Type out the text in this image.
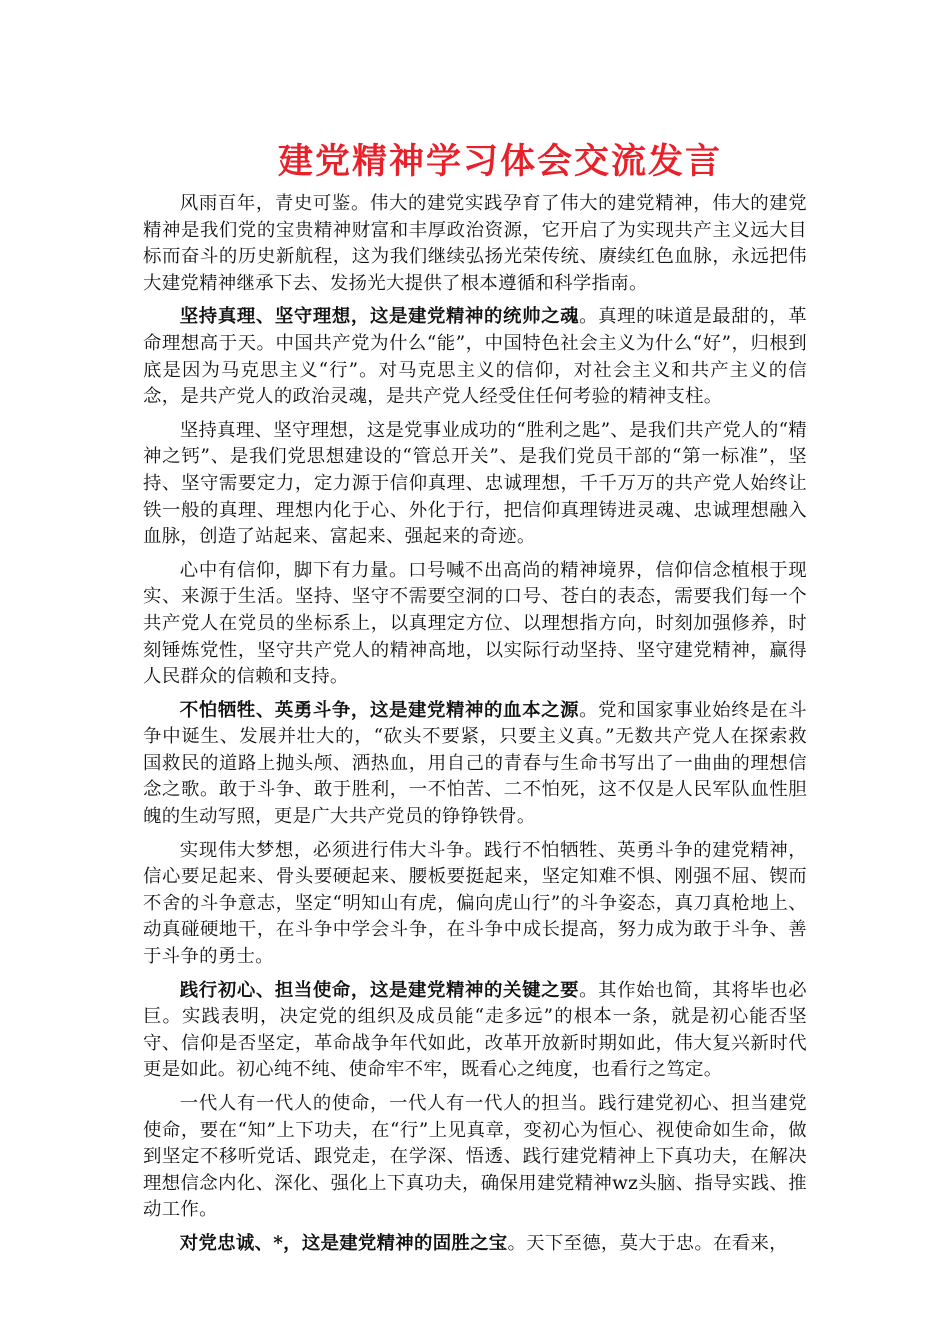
建党精神学习体会交流发言

风雨百年，青史可鉴。伟大的建党实践孕育了伟大的建党精神，伟大的建党精神是我们党的宝贵精神财富和丰厚政治资源，它开启了为实现共产主义远大目标而奋斗的历史新航程，这为我们继续弘扬光荣传统、赓续红色血脉，永远把伟大建党精神继承下去、发扬光大提供了根本遵循和科学指南。

坚持真理、坚守理想，这是建党精神的统帅之魂。真理的味道是最甜的，革命理想高于天。中国共产党为什么“能”，中国特色社会主义为什么“好”，归根到底是因为马克思主义“行”。对马克思主义的信仰，对社会主义和共产主义的信念，是共产党人的政治灵魂，是共产党人经受住任何考验的精神支柱。

坚持真理、坚守理想，这是党事业成功的“胜利之匙”、是我们共产党人的“精神之钙”、是我们党思想建设的“管总开关”、是我们党员干部的“第一标准”，坚持、坚守需要定力，定力源于信仰真理、忠诚理想，千千万万的共产党人始终让铁一般的真理、理想内化于心、外化于行，把信仰真理铸进灵魂、忠诚理想融入血脉，创造了站起来、富起来、强起来的奇迹。

心中有信仰，脚下有力量。口号喊不出高尚的精神境界，信仰信念植根于现实、来源于生活。坚持、坚守不需要空洞的口号、苍白的表态，需要我们每一个共产党人在党员的坐标系上，以真理定方位、以理想指方向，时刻加强修养，时刻锤炼党性，坚守共产党人的精神高地，以实际行动坚持、坚守建党精神，赢得人民群众的信赖和支持。

不怕牺牲、英勇斗争，这是建党精神的血本之源。党和国家事业始终是在斗争中诞生、发展并壮大的，“砍头不要紧，只要主义真。”无数共产党人在探索救国救民的道路上抛头颅、洒热血，用自己的青春与生命书写出了一曲曲的理想信念之歌。敢于斗争、敢于胜利，一不怕苦、二不怕死，这不仅是人民军队血性胆魄的生动写照，更是广大共产党员的铮铮铁骨。

实现伟大梦想，必须进行伟大斗争。践行不怕牺牲、英勇斗争的建党精神，信心要足起来、骨头要硬起来、腰板要挺起来，坚定知难不惧、刚强不屈、锲而不舍的斗争意志，坚定“明知山有虎，偏向虎山行”的斗争姿态，真刀真枪地上、动真碰硬地干，在斗争中学会斗争，在斗争中成长提高，努力成为敢于斗争、善于斗争的勇士。

践行初心、担当使命，这是建党精神的关键之要。其作始也简，其将毕也必巨。实践表明，决定党的组织及成员能“走多远”的根本一条，就是初心能否坚守、信仰是否坚定，革命战争年代如此，改革开放新时期如此，伟大复兴新时代更是如此。初心纯不纯、使命牢不牢，既看心之纯度，也看行之笃定。

一代人有一代人的使命，一代人有一代人的担当。践行建党初心、担当建党使命，要在“知”上下功夫，在“行”上见真章，变初心为恒心、视使命如生命，做到坚定不移听党话、跟党走，在学深、悟透、践行建党精神上下真功夫，在解决理想信念内化、深化、强化上下真功夫，确保用建党精神wz头脑、指导实践、推动工作。

对党忠诚、*，这是建党精神的固胜之宝。天下至德，莫大于忠。在看来，
